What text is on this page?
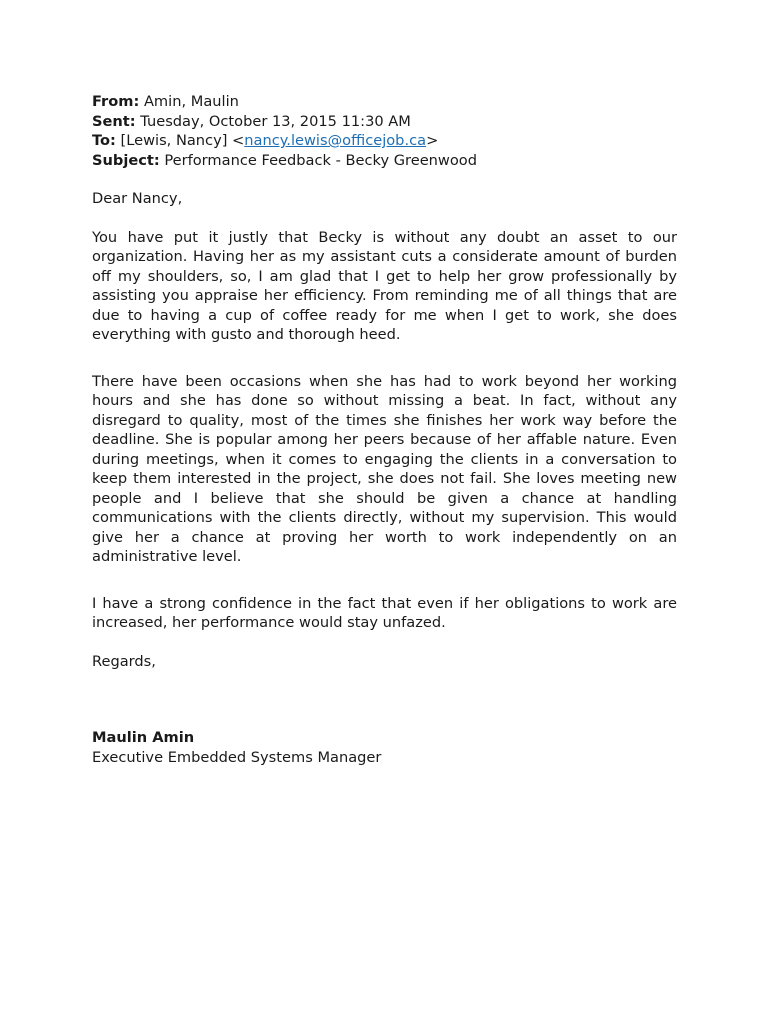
From: Amin, Maulin
Sent: Tuesday, October 13, 2015 11:30 AM
To: [Lewis, Nancy] <nancy.lewis@officejob.ca>
Subject: Performance Feedback - Becky Greenwood
Dear Nancy,
You have put it justly that Becky is without any doubt an asset to our organization. Having her as my assistant cuts a considerate amount of burden off my shoulders, so, I am glad that I get to help her grow professionally by assisting you appraise her efficiency. From reminding me of all things that are due to having a cup of coffee ready for me when I get to work, she does everything with gusto and thorough heed.
There have been occasions when she has had to work beyond her working hours and she has done so without missing a beat. In fact, without any disregard to quality, most of the times she finishes her work way before the deadline. She is popular among her peers because of her affable nature. Even during meetings, when it comes to engaging the clients in a conversation to keep them interested in the project, she does not fail. She loves meeting new people and I believe that she should be given a chance at handling communications with the clients directly, without my supervision. This would give her a chance at proving her worth to work independently on an administrative level.
I have a strong confidence in the fact that even if her obligations to work are increased, her performance would stay unfazed.
Regards,
Maulin Amin
Executive Embedded Systems Manager
